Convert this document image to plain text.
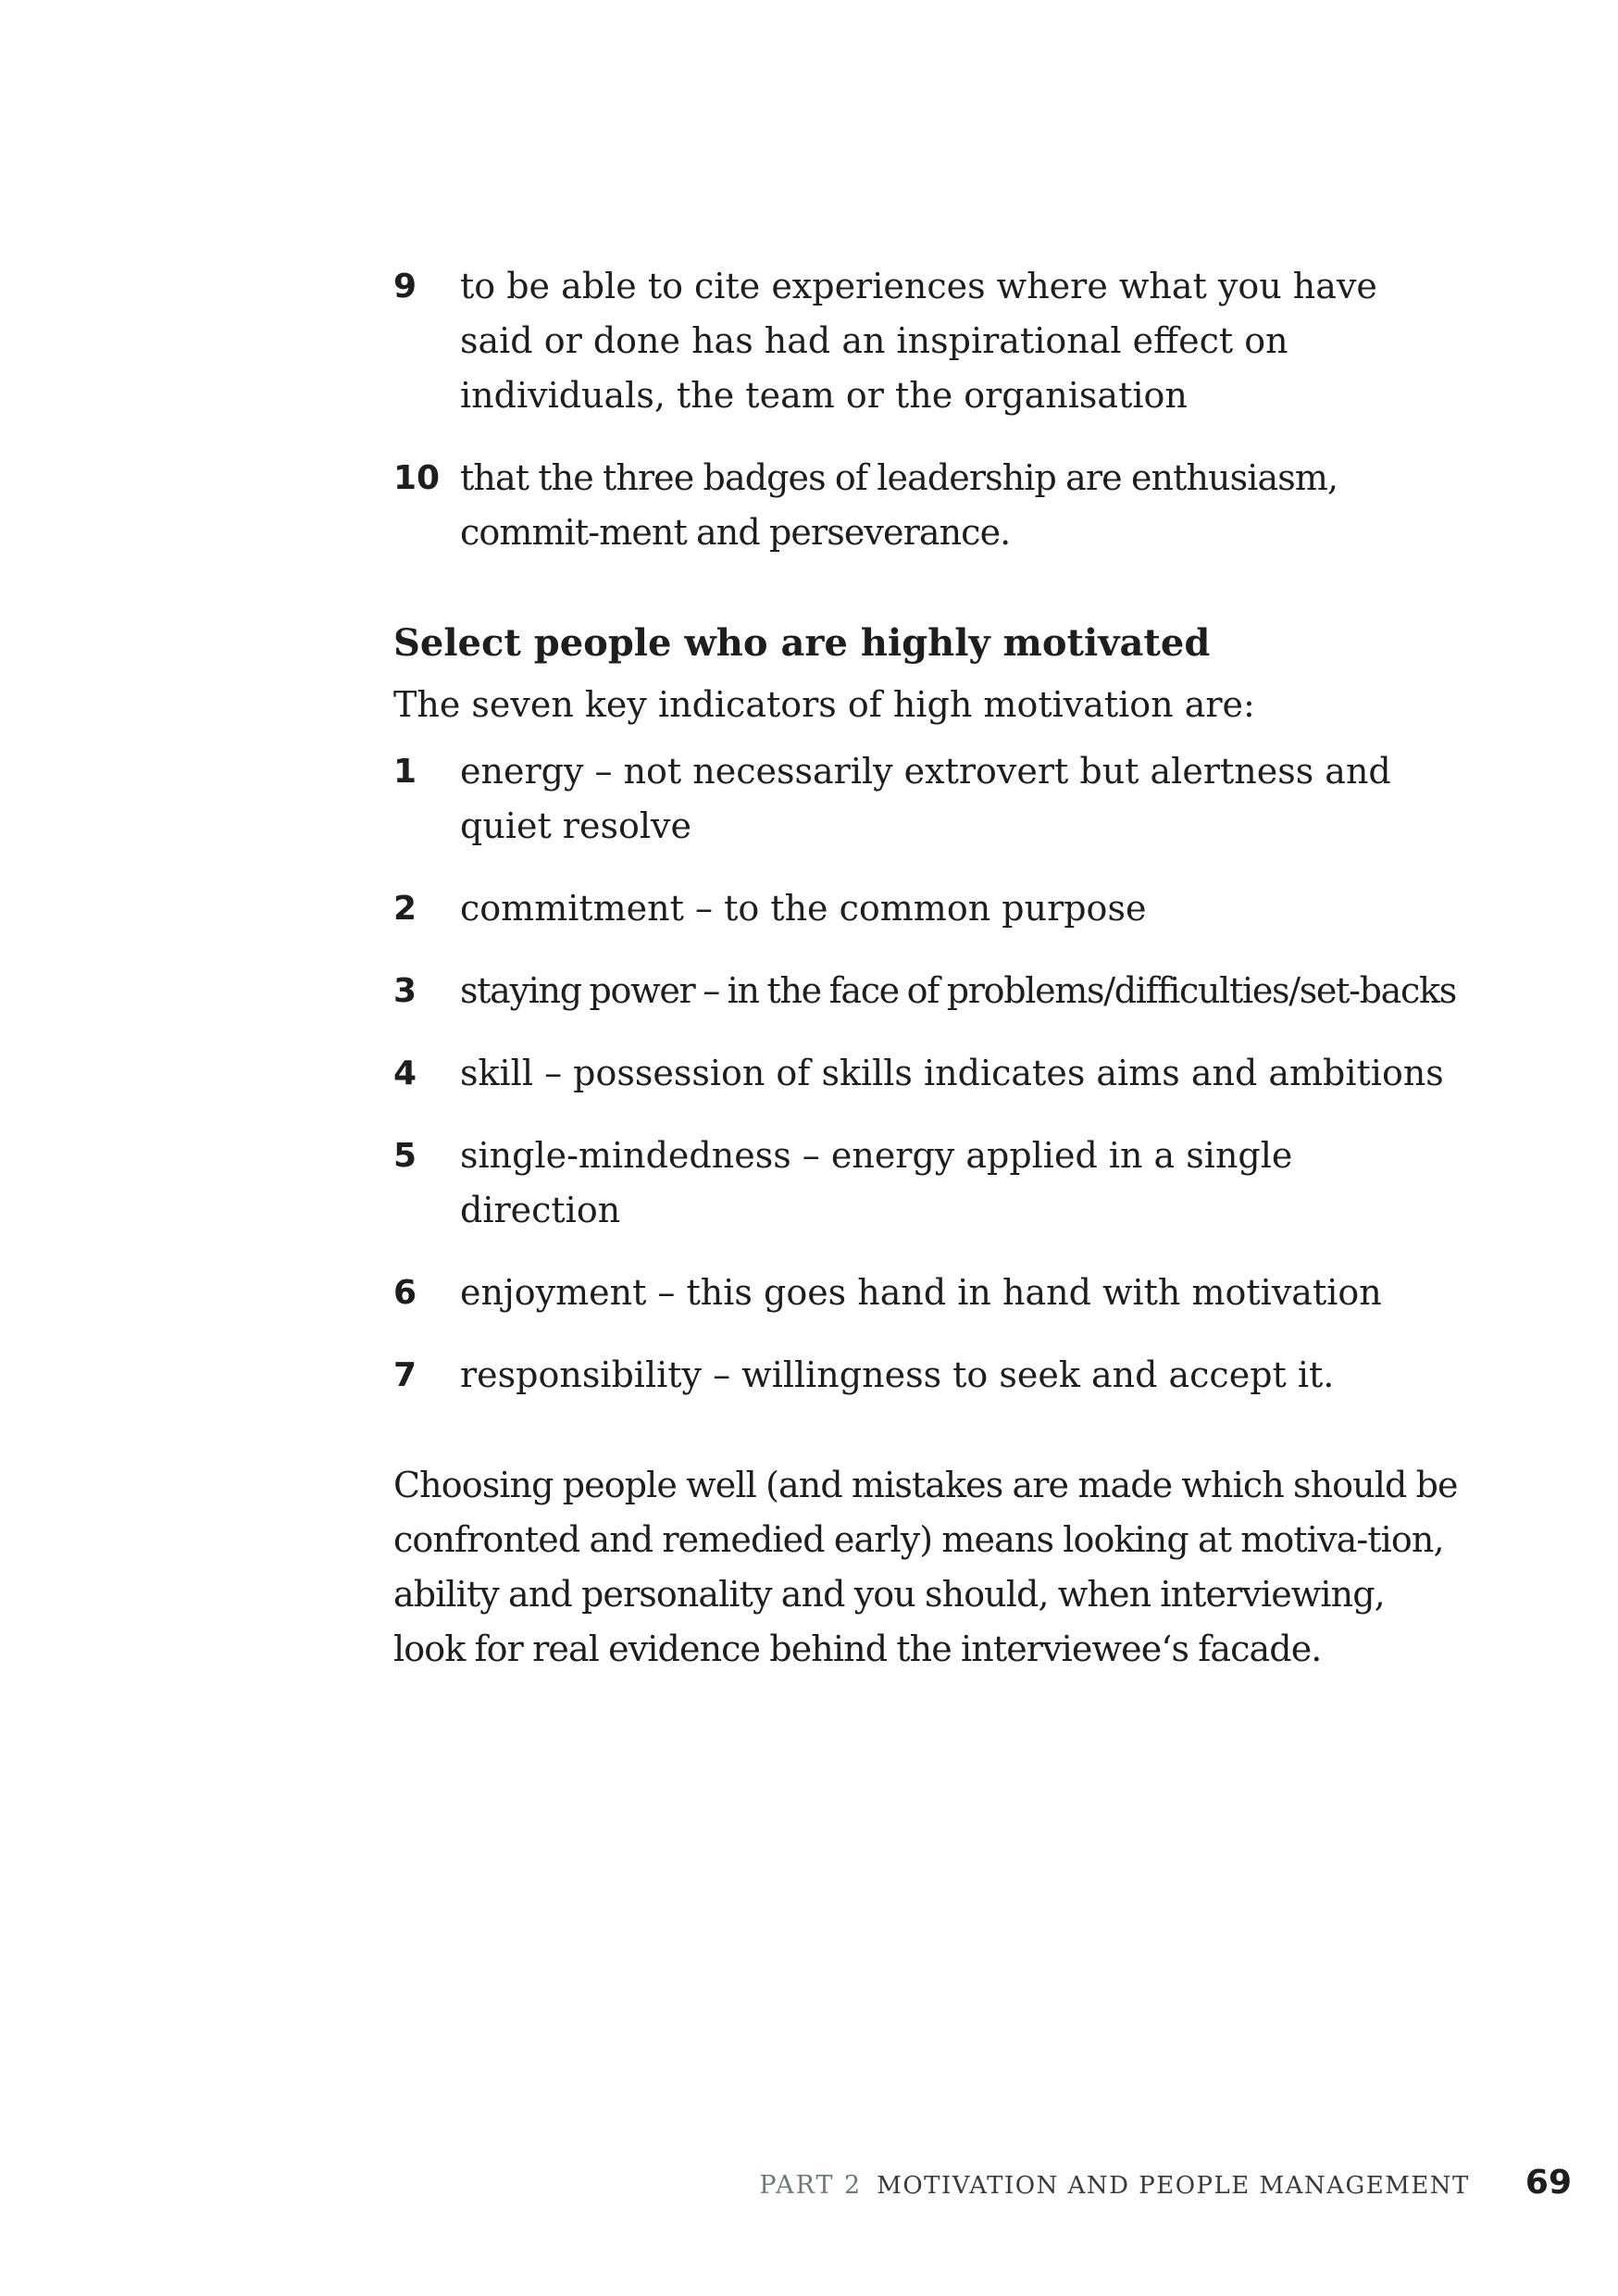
9	to be able to cite experiences where what you have said or done has had an inspirational effect on individuals, the team or the organisation
10 that the three badges of leadership are enthusiasm, commit-ment and perseverance.
Select people who are highly motivated
The seven key indicators of high motivation are:
1	energy – not necessarily extrovert but alertness and quiet resolve
2	commitment – to the common purpose
3	staying power – in the face of problems/difficulties/set-backs
4	skill – possession of skills indicates aims and ambitions
5	single-mindedness – energy applied in a single direction
6	enjoyment – this goes hand in hand with motivation
7	responsibility – willingness to seek and accept it.
Choosing people well (and mistakes are made which should be confronted and remedied early) means looking at motiva-tion, ability and personality and you should, when interviewing, look for real evidence behind the interviewee‘s facade.
PART 2 MOTIVATION AND PEOPLE MANAGEMENT 69
